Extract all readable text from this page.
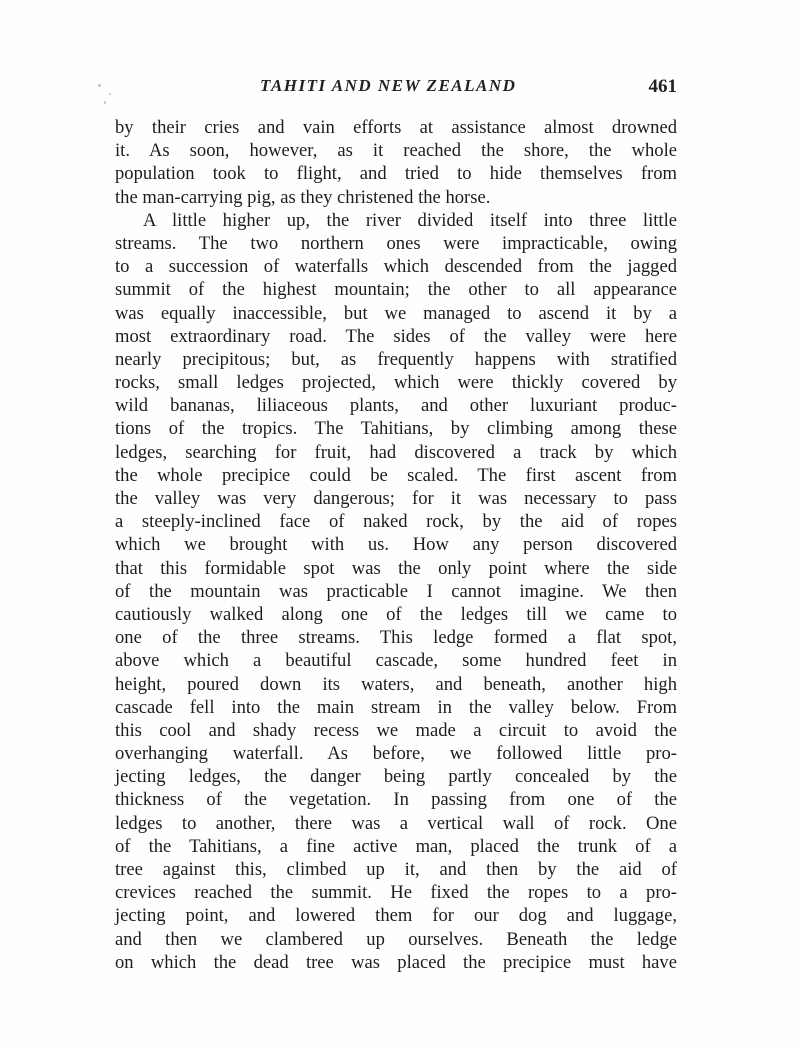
TAHITI AND NEW ZEALAND	461
by their cries and vain efforts at assistance almost drowned
it. As soon, however, as it reached the shore, the whole
population took to flight, and tried to hide themselves from
the man-carrying pig, as they christened the horse.
A little higher up, the river divided itself into three little
streams. The two northern ones were impracticable, owing
to a succession of waterfalls which descended from the jagged
summit of the highest mountain; the other to all appearance
was equally inaccessible, but we managed to ascend it by a
most extraordinary road. The sides of the valley were here
nearly precipitous; but, as frequently happens with stratified
rocks, small ledges projected, which were thickly covered by
wild bananas, liliaceous plants, and other luxuriant produc-
tions of the tropics. The Tahitians, by climbing among these
ledges, searching for fruit, had discovered a track by which
the whole precipice could be scaled. The first ascent from
the valley was very dangerous; for it was necessary to pass
a steeply-inclined face of naked rock, by the aid of ropes
which we brought with us. How any person discovered
that this formidable spot was the only point where the side
of the mountain was practicable I cannot imagine. We then
cautiously walked along one of the ledges till we came to
one of the three streams. This ledge formed a flat spot,
above which a beautiful cascade, some hundred feet in
height, poured down its waters, and beneath, another high
cascade fell into the main stream in the valley below. From
this cool and shady recess we made a circuit to avoid the
overhanging waterfall. As before, we followed little pro-
jecting ledges, the danger being partly concealed by the
thickness of the vegetation. In passing from one of the
ledges to another, there was a vertical wall of rock. One
of the Tahitians, a fine active man, placed the trunk of a
tree against this, climbed up it, and then by the aid of
crevices reached the summit. He fixed the ropes to a pro-
jecting point, and lowered them for our dog and luggage,
and then we clambered up ourselves. Beneath the ledge
on which the dead tree was placed the precipice must have
